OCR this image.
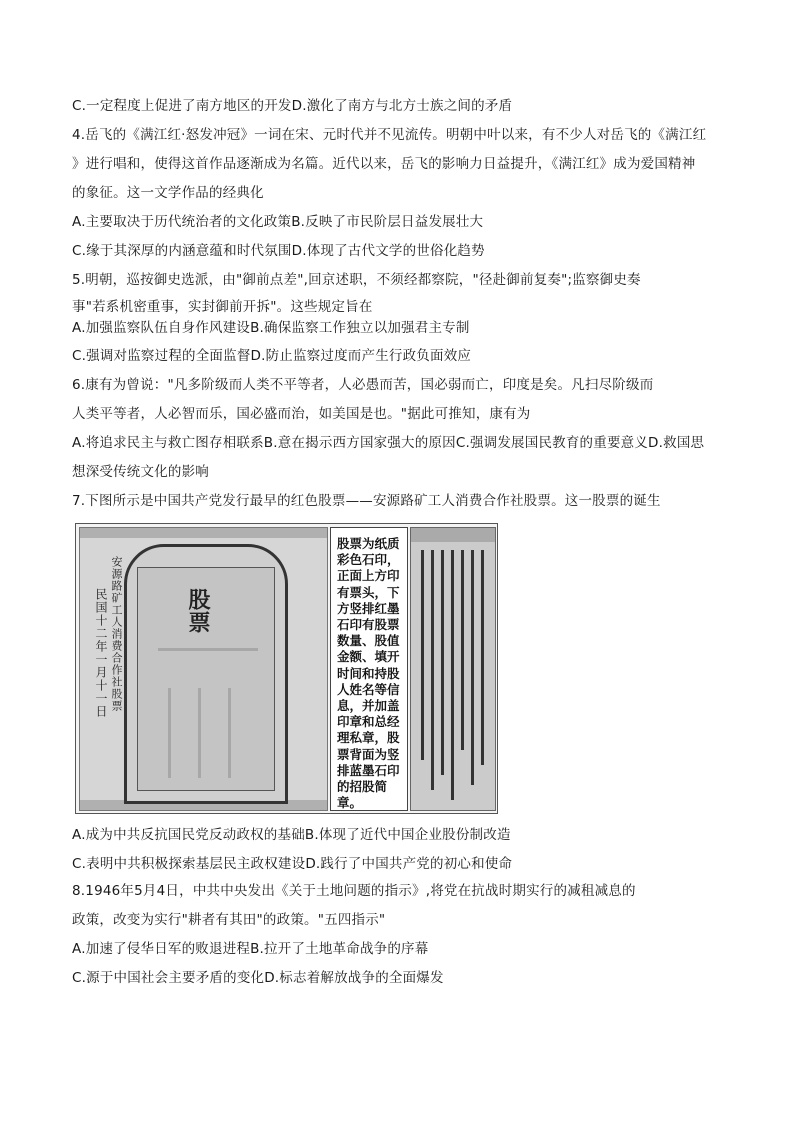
C.一定程度上促进了南方地区的开发D.激化了南方与北方士族之间的矛盾
4.岳飞的《满江红·怒发冲冠》一词在宋、元时代并不见流传。明朝中叶以来，有不少人对岳飞的《满江红
》进行唱和，使得这首作品逐渐成为名篇。近代以来，岳飞的影响力日益提升，《满江红》成为爱国精神
的象征。这一文学作品的经典化
A.主要取决于历代统治者的文化政策B.反映了市民阶层日益发展壮大
C.缘于其深厚的内涵意蕴和时代氛围D.体现了古代文学的世俗化趋势
5.明朝，巡按御史选派，由"御前点差",回京述职，不须经都察院，"径赴御前复奏";监察御史奏
事"若系机密重事，实封御前开拆"。这些规定旨在
A.加强监察队伍自身作风建设B.确保监察工作独立以加强君主专制
C.强调对监察过程的全面监督D.防止监察过度而产生行政负面效应
6.康有为曾说："凡多阶级而人类不平等者，人必愚而苦，国必弱而亡，印度是矣。凡扫尽阶级而
人类平等者，人必智而乐，国必盛而治，如美国是也。"据此可推知，康有为
A.将追求民主与救亡图存相联系B.意在揭示西方国家强大的原因C.强调发展国民教育的重要意义D.救国思
想深受传统文化的影响
7.下图所示是中国共产党发行最早的红色股票——安源路矿工人消费合作社股票。这一股票的诞生
安源路矿工人消费合作社股票	股票
民国十二年一月十一日
股票为纸质彩色石印，正面上方印有票头，下方竖排红墨石印有股票数量、股值金额、填开时间和持股人姓名等信息，并加盖印章和总经理私章，股票背面为竖排蓝墨石印的招股简章。
A.成为中共反抗国民党反动政权的基础B.体现了近代中国企业股份制改造
C.表明中共积极探索基层民主政权建设D.践行了中国共产党的初心和使命
8.1946年5月4日，中共中央发出《关于土地问题的指示》,将党在抗战时期实行的减租减息的
政策，改变为实行"耕者有其田"的政策。"五四指示"
A.加速了侵华日军的败退进程B.拉开了土地革命战争的序幕
C.源于中国社会主要矛盾的变化D.标志着解放战争的全面爆发
